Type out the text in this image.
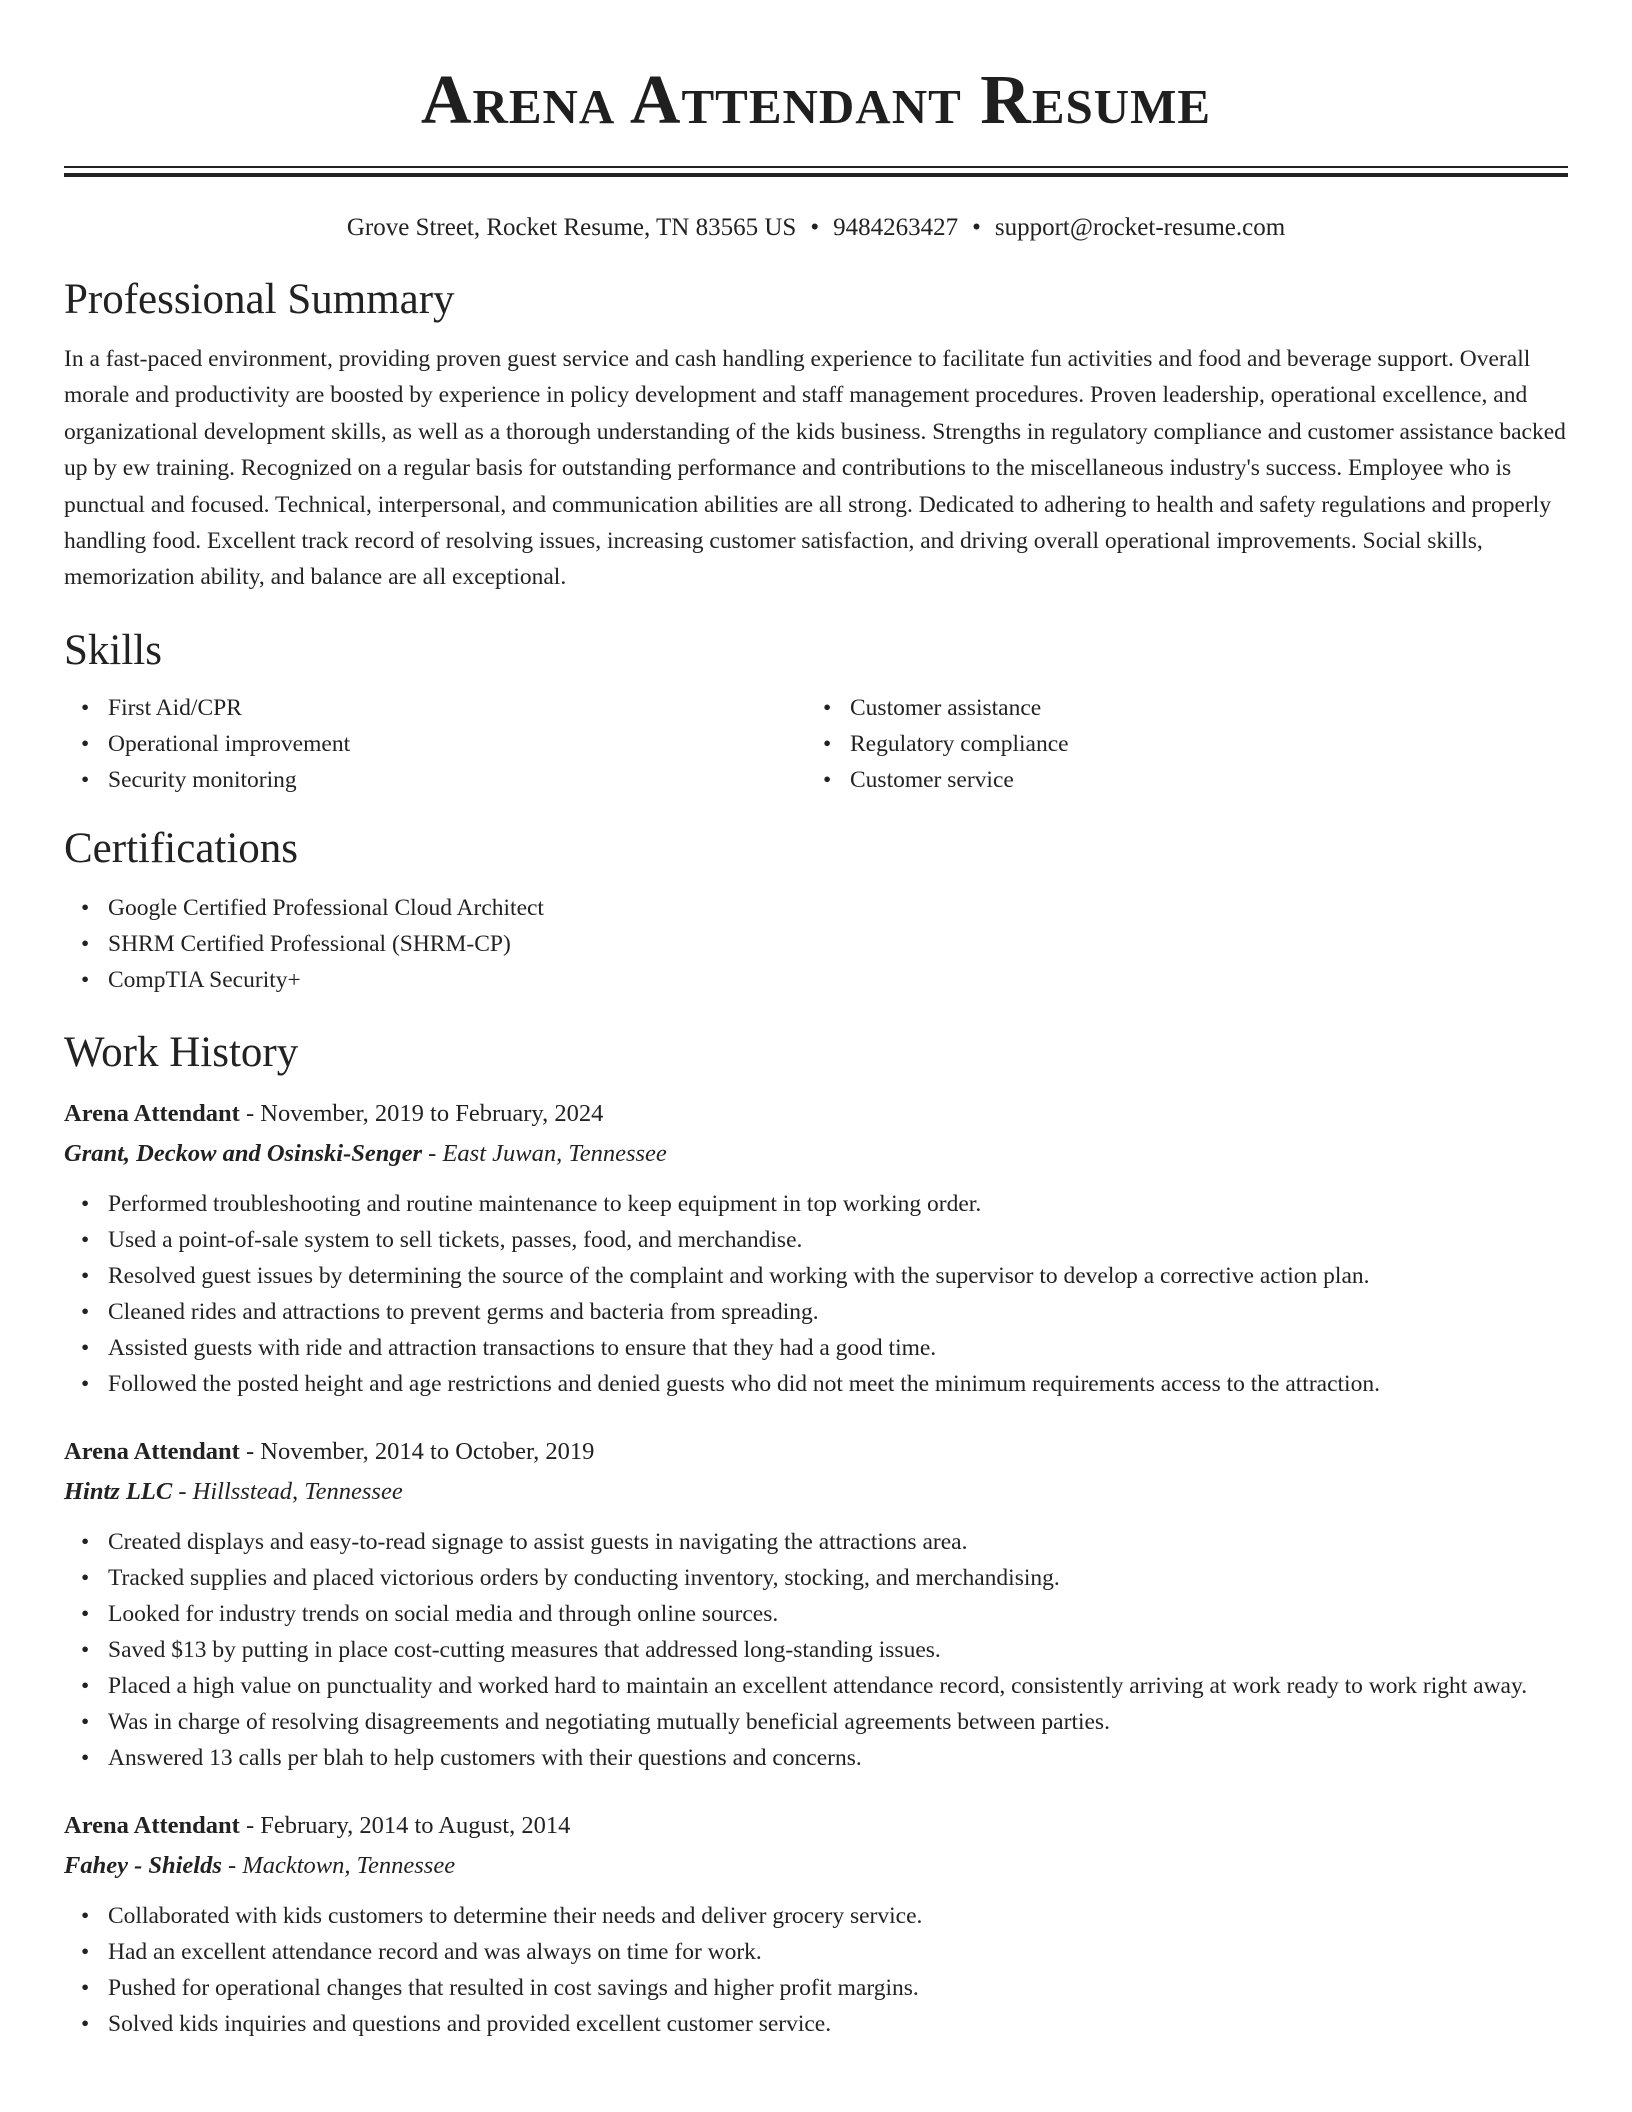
Arena Attendant Resume
Grove Street, Rocket Resume, TN 83565 US • 9484263427 • support@rocket-resume.com
Professional Summary
In a fast-paced environment, providing proven guest service and cash handling experience to facilitate fun activities and food and beverage support. Overall morale and productivity are boosted by experience in policy development and staff management procedures. Proven leadership, operational excellence, and organizational development skills, as well as a thorough understanding of the kids business. Strengths in regulatory compliance and customer assistance backed up by ew training. Recognized on a regular basis for outstanding performance and contributions to the miscellaneous industry's success. Employee who is punctual and focused. Technical, interpersonal, and communication abilities are all strong. Dedicated to adhering to health and safety regulations and properly handling food. Excellent track record of resolving issues, increasing customer satisfaction, and driving overall operational improvements. Social skills, memorization ability, and balance are all exceptional.
Skills
• First Aid/CPR
• Operational improvement
• Security monitoring
• Customer assistance
• Regulatory compliance
• Customer service
Certifications
• Google Certified Professional Cloud Architect
• SHRM Certified Professional (SHRM-CP)
• CompTIA Security+
Work History
Arena Attendant - November, 2019 to February, 2024
Grant, Deckow and Osinski-Senger - East Juwan, Tennessee
• Performed troubleshooting and routine maintenance to keep equipment in top working order.
• Used a point-of-sale system to sell tickets, passes, food, and merchandise.
• Resolved guest issues by determining the source of the complaint and working with the supervisor to develop a corrective action plan.
• Cleaned rides and attractions to prevent germs and bacteria from spreading.
• Assisted guests with ride and attraction transactions to ensure that they had a good time.
• Followed the posted height and age restrictions and denied guests who did not meet the minimum requirements access to the attraction.
Arena Attendant - November, 2014 to October, 2019
Hintz LLC - Hillsstead, Tennessee
• Created displays and easy-to-read signage to assist guests in navigating the attractions area.
• Tracked supplies and placed victorious orders by conducting inventory, stocking, and merchandising.
• Looked for industry trends on social media and through online sources.
• Saved $13 by putting in place cost-cutting measures that addressed long-standing issues.
• Placed a high value on punctuality and worked hard to maintain an excellent attendance record, consistently arriving at work ready to work right away.
• Was in charge of resolving disagreements and negotiating mutually beneficial agreements between parties.
• Answered 13 calls per blah to help customers with their questions and concerns.
Arena Attendant - February, 2014 to August, 2014
Fahey - Shields - Macktown, Tennessee
• Collaborated with kids customers to determine their needs and deliver grocery service.
• Had an excellent attendance record and was always on time for work.
• Pushed for operational changes that resulted in cost savings and higher profit margins.
• Solved kids inquiries and questions and provided excellent customer service.
